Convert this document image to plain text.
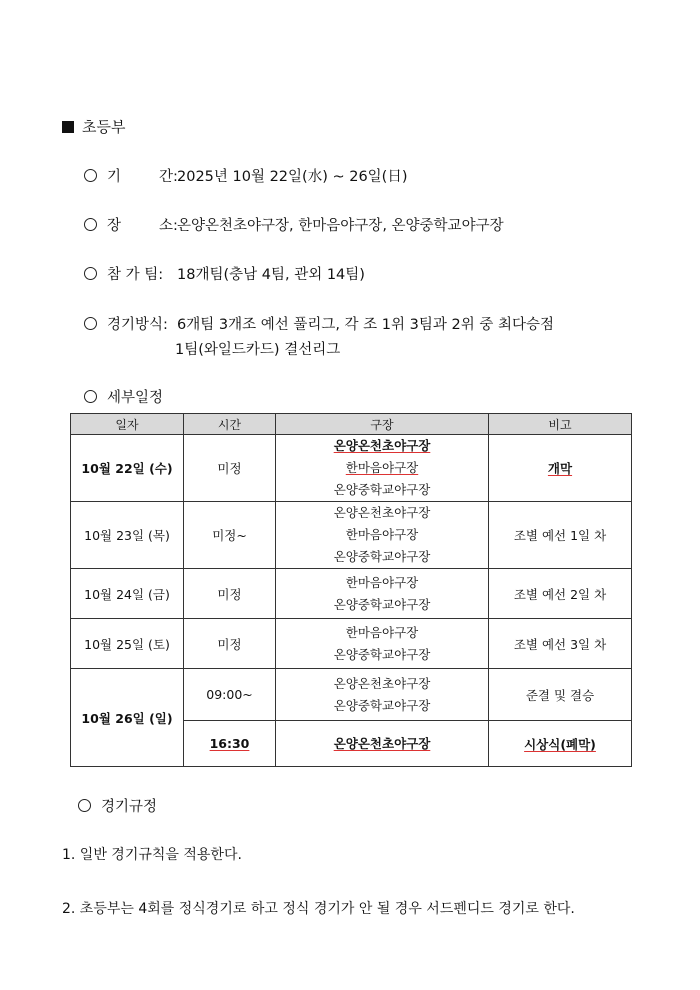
초등부
기	간:2025년 10월 22일(水) ~ 26일(日)
장	소:온양온천초야구장, 한마음야구장, 온양중학교야구장
참 가 팀: 18개팀(충남 4팀, 관외 14팀)
경기방식: 6개팀 3개조 예선 풀리그, 각 조 1위 3팀과 2위 중 최다승점
1팀(와일드카드) 결선리그
세부일정
일자	시간	구장	비고
10월 22일 (수)	미정	온양온천초야구장
한마음야구장
온양중학교야구장	개막
10월 23일 (목)	미정~	온양온천초야구장
한마음야구장
온양중학교야구장	조별 예선 1일 차
10월 24일 (금)	미정	한마음야구장
온양중학교야구장	조별 예선 2일 차
10월 25일 (토)	미정	한마음야구장
온양중학교야구장	조별 예선 3일 차
10월 26일 (일)	09:00~	온양온천초야구장
온양중학교야구장	준결 및 결승
	16:30	온양온천초야구장	시상식(폐막)
경기규정
1. 일반 경기규칙을 적용한다.
2. 초등부는 4회를 정식경기로 하고 정식 경기가 안 될 경우 서드펜디드 경기로 한다.
